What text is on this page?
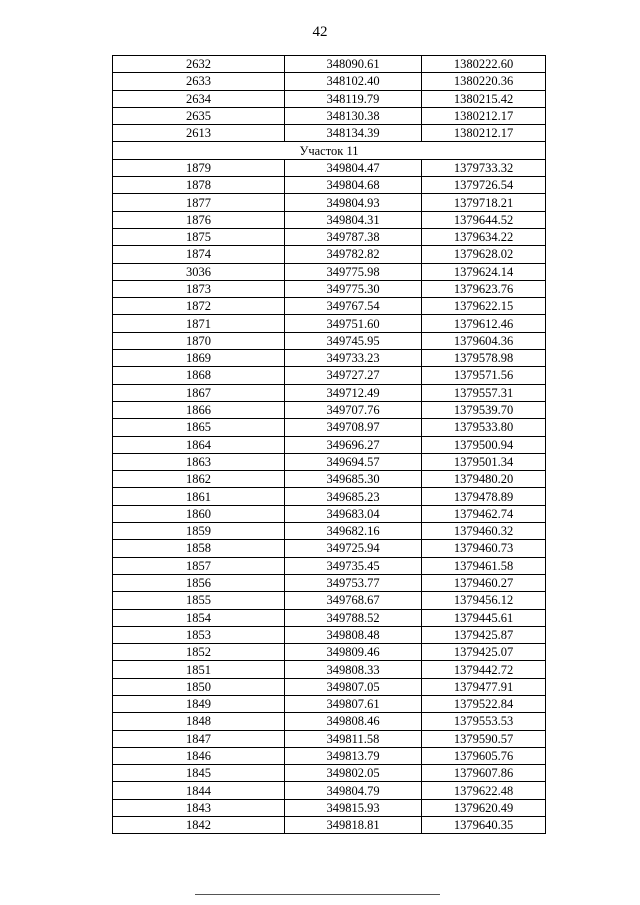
42
2632	348090.61	1380222.60
2633	348102.40	1380220.36
2634	348119.79	1380215.42
2635	348130.38	1380212.17
2613	348134.39	1380212.17
Участок 11		
1879	349804.47	1379733.32
1878	349804.68	1379726.54
1877	349804.93	1379718.21
1876	349804.31	1379644.52
1875	349787.38	1379634.22
1874	349782.82	1379628.02
3036	349775.98	1379624.14
1873	349775.30	1379623.76
1872	349767.54	1379622.15
1871	349751.60	1379612.46
1870	349745.95	1379604.36
1869	349733.23	1379578.98
1868	349727.27	1379571.56
1867	349712.49	1379557.31
1866	349707.76	1379539.70
1865	349708.97	1379533.80
1864	349696.27	1379500.94
1863	349694.57	1379501.34
1862	349685.30	1379480.20
1861	349685.23	1379478.89
1860	349683.04	1379462.74
1859	349682.16	1379460.32
1858	349725.94	1379460.73
1857	349735.45	1379461.58
1856	349753.77	1379460.27
1855	349768.67	1379456.12
1854	349788.52	1379445.61
1853	349808.48	1379425.87
1852	349809.46	1379425.07
1851	349808.33	1379442.72
1850	349807.05	1379477.91
1849	349807.61	1379522.84
1848	349808.46	1379553.53
1847	349811.58	1379590.57
1846	349813.79	1379605.76
1845	349802.05	1379607.86
1844	349804.79	1379622.48
1843	349815.93	1379620.49
1842	349818.81	1379640.35
